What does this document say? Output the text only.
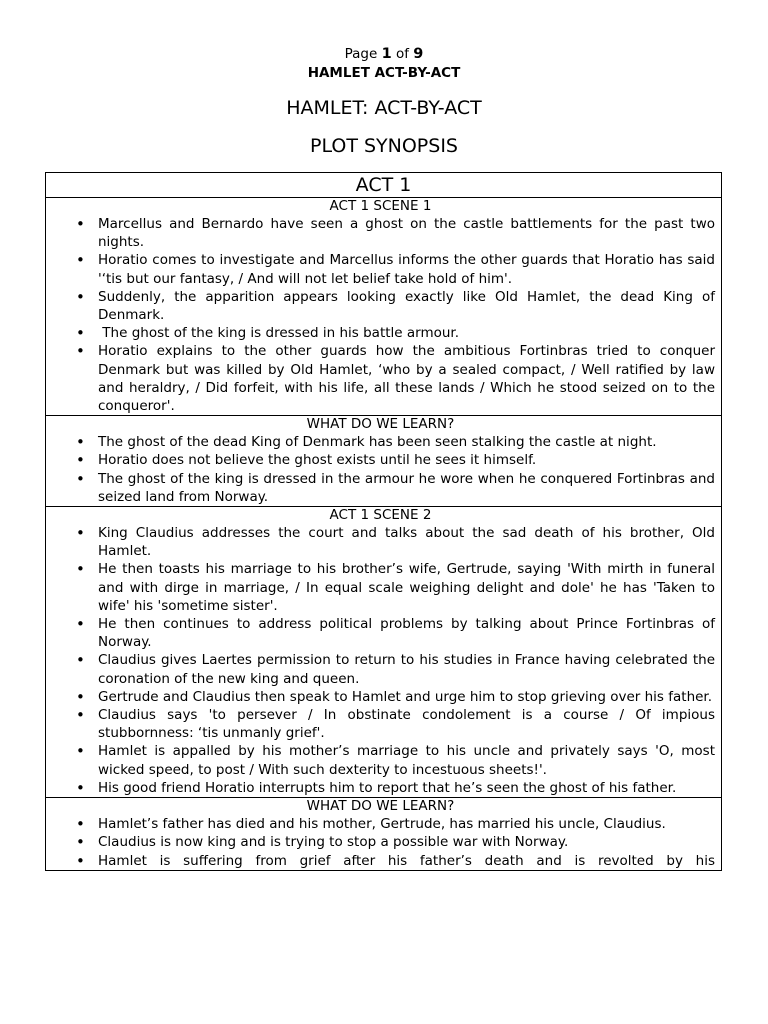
Page 1 of 9
HAMLET ACT-BY-ACT
HAMLET: ACT-BY-ACT
PLOT SYNOPSIS
ACT 1

ACT 1 SCENE 1
• Marcellus and Bernardo have seen a ghost on the castle battlements for the past two nights.
• Horatio comes to investigate and Marcellus informs the other guards that Horatio has said '‘tis but our fantasy, / And will not let belief take hold of him'.
• Suddenly, the apparition appears looking exactly like Old Hamlet, the dead King of Denmark.
•  The ghost of the king is dressed in his battle armour.
• Horatio explains to the other guards how the ambitious Fortinbras tried to conquer Denmark but was killed by Old Hamlet, ‘who by a sealed compact, / Well ratified by law and heraldry, / Did forfeit, with his life, all these lands / Which he stood seized on to the conqueror'.

WHAT DO WE LEARN?
• The ghost of the dead King of Denmark has been seen stalking the castle at night.
• Horatio does not believe the ghost exists until he sees it himself.
• The ghost of the king is dressed in the armour he wore when he conquered Fortinbras and seized land from Norway.

ACT 1 SCENE 2
• King Claudius addresses the court and talks about the sad death of his brother, Old Hamlet.
• He then toasts his marriage to his brother’s wife, Gertrude, saying 'With mirth in funeral and with dirge in marriage, / In equal scale weighing delight and dole' he has 'Taken to wife' his 'sometime sister'.
• He then continues to address political problems by talking about Prince Fortinbras of Norway.
• Claudius gives Laertes permission to return to his studies in France having celebrated the coronation of the new king and queen.
• Gertrude and Claudius then speak to Hamlet and urge him to stop grieving over his father.
• Claudius says 'to persever / In obstinate condolement is a course / Of impious stubbornness: ‘tis unmanly grief'.
• Hamlet is appalled by his mother’s marriage to his uncle and privately says 'O, most wicked speed, to post / With such dexterity to incestuous sheets!'.
• His good friend Horatio interrupts him to report that he’s seen the ghost of his father.

WHAT DO WE LEARN?
• Hamlet’s father has died and his mother, Gertrude, has married his uncle, Claudius.
• Claudius is now king and is trying to stop a possible war with Norway.
• Hamlet is suffering from grief after his father’s death and is revolted by his
